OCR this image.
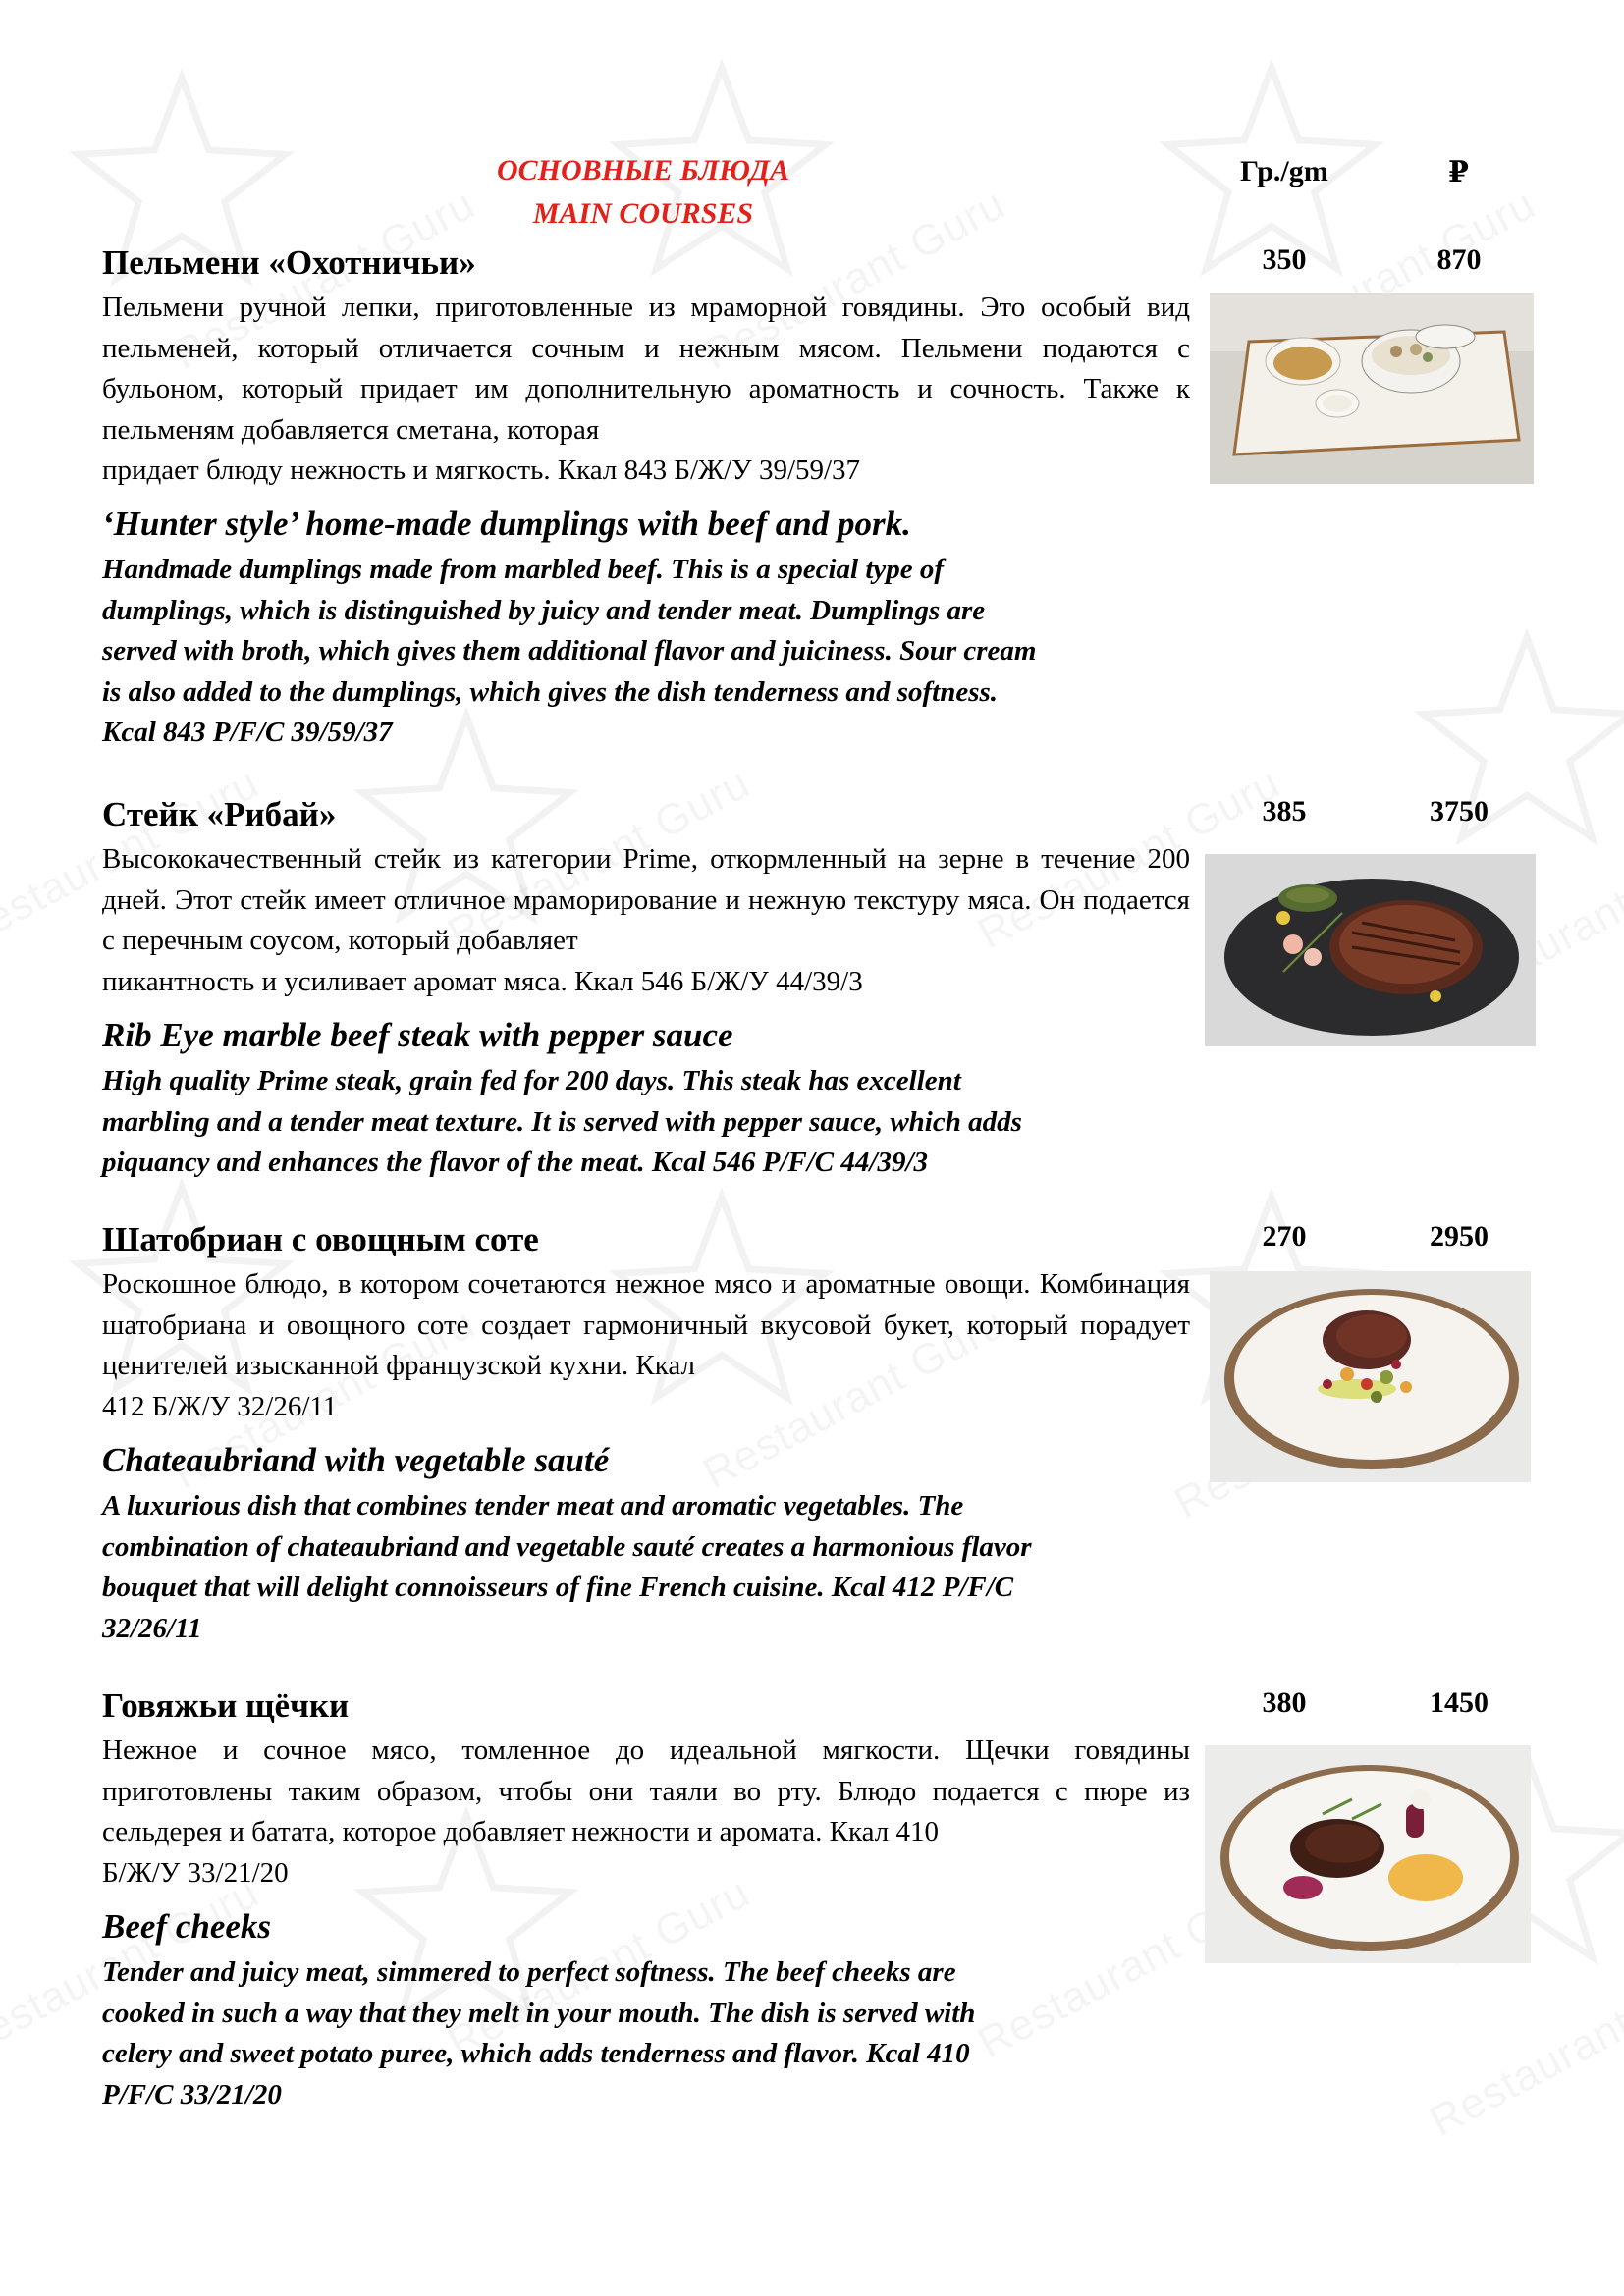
ОСНОВНЫЕ БЛЮДА
MAIN COURSES
Гр./gm	₽
Пельмени «Охотничьи»	350	870

Пельмени ручной лепки, приготовленные из мраморной говядины. Это особый вид пельменей, который отличается сочным и нежным мясом. Пельмени подаются с бульоном, который придает им дополнительную ароматность и сочность. Также к пельменям добавляется сметана, которая
придает блюду нежность и мягкость. Ккал 843 Б/Ж/У 39/59/37

‘Hunter style’ home-made dumplings with beef and pork.

Handmade dumplings made from marbled beef. This is a special type of
dumplings, which is distinguished by juicy and tender meat. Dumplings are
served with broth, which gives them additional flavor and juiciness. Sour cream
is also added to the dumplings, which gives the dish tenderness and softness.
Kcal 843 P/F/C 39/59/37

Стейк «Рибай»	385	3750

Высококачественный стейк из категории Prime, откормленный на зерне в течение 200 дней. Этот стейк имеет отличное мраморирование и нежную текстуру мяса. Он подается с перечным соусом, который добавляет
пикантность и усиливает аромат мяса. Ккал 546 Б/Ж/У 44/39/3

Rib Eye marble beef steak with pepper sauce

High quality Prime steak, grain fed for 200 days. This steak has excellent
marbling and a tender meat texture. It is served with pepper sauce, which adds
piquancy and enhances the flavor of the meat. Kcal 546 P/F/C 44/39/3

Шатобриан с овощным соте	270	2950

Роскошное блюдо, в котором сочетаются нежное мясо и ароматные овощи. Комбинация шатобриана и овощного соте создает гармоничный вкусовой букет, который порадует ценителей изысканной французской кухни. Ккал
412 Б/Ж/У 32/26/11

Chateaubriand with vegetable sauté

A luxurious dish that combines tender meat and aromatic vegetables. The
combination of chateaubriand and vegetable sauté creates a harmonious flavor
bouquet that will delight connoisseurs of fine French cuisine. Kcal 412 P/F/C
32/26/11

Говяжьи щёчки	380	1450

Нежное и сочное мясо, томленное до идеальной мягкости. Щечки говядины приготовлены таким образом, чтобы они таяли во рту. Блюдо подается с пюре из сельдерея и батата, которое добавляет нежности и аромата. Ккал 410
Б/Ж/У 33/21/20

Beef cheeks

Tender and juicy meat, simmered to perfect softness. The beef cheeks are
cooked in such a way that they melt in your mouth. The dish is served with
celery and sweet potato puree, which adds tenderness and flavor. Kcal 410
P/F/C 33/21/20
